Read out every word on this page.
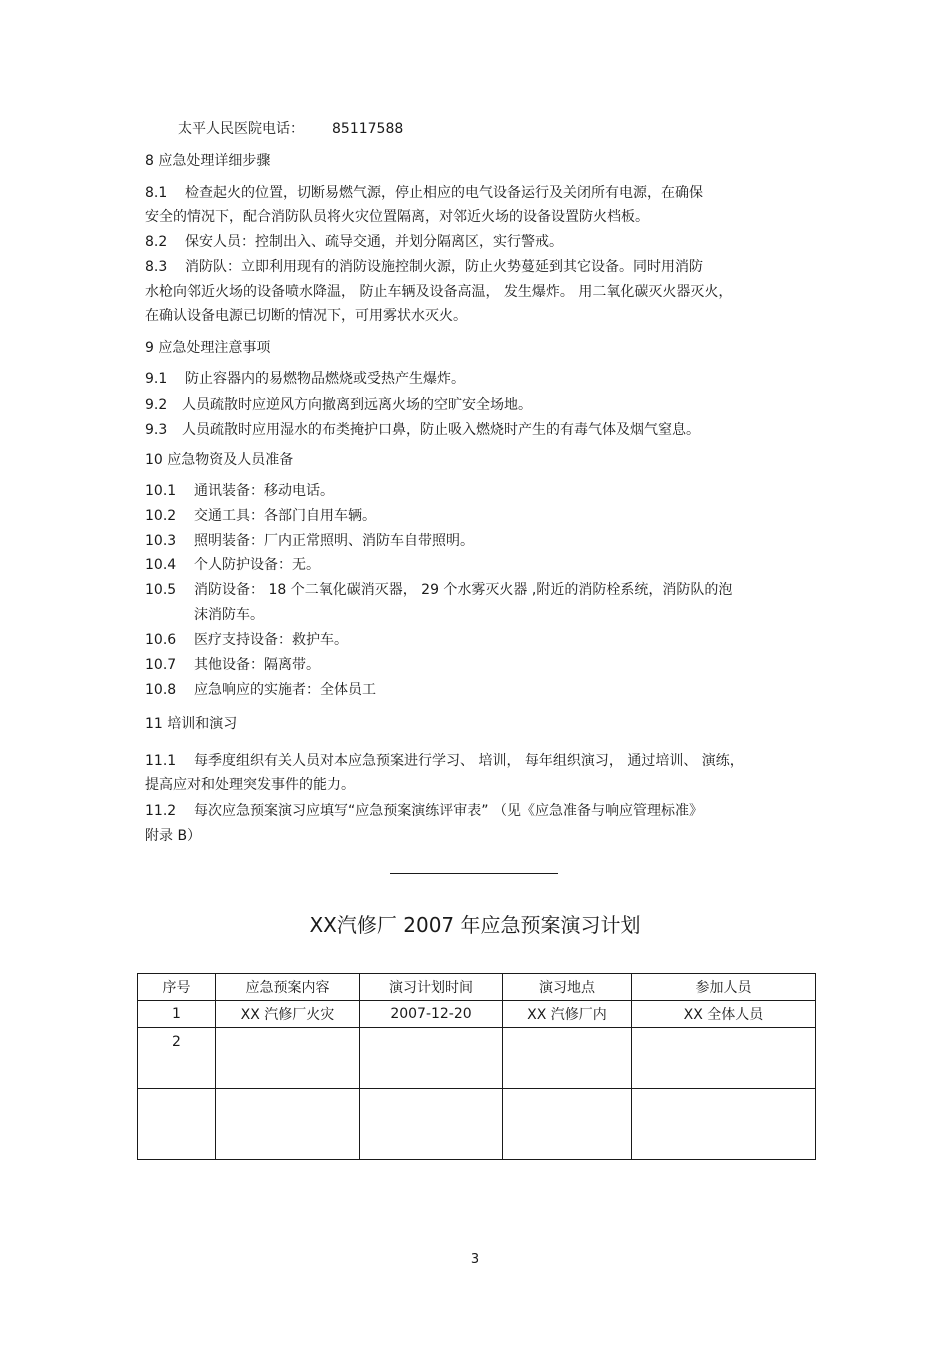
太平人民医院电话： 85117588
8 应急处理详细步骤
8.1 检查起火的位置，切断易燃气源，停止相应的电气设备运行及关闭所有电源，在确保
安全的情况下，配合消防队员将火灾位置隔离，对邻近火场的设备设置防火档板。
8.2 保安人员：控制出入、疏导交通，并划分隔离区，实行警戒。
8.3 消防队：立即利用现有的消防设施控制火源，防止火势蔓延到其它设备。同时用消防
水枪向邻近火场的设备喷水降温， 防止车辆及设备高温， 发生爆炸。 用二氧化碳灭火器灭火，
在确认设备电源已切断的情况下，可用雾状水灭火。
9 应急处理注意事项
9.1 防止容器内的易燃物品燃烧或受热产生爆炸。
9.2 人员疏散时应逆风方向撤离到远离火场的空旷安全场地。
9.3 人员疏散时应用湿水的布类掩护口鼻，防止吸入燃烧时产生的有毒气体及烟气窒息。
10 应急物资及人员准备
10.1 通讯装备：移动电话。
10.2 交通工具：各部门自用车辆。
10.3 照明装备：厂内正常照明、消防车自带照明。
10.4 个人防护设备：无。
10.5 消防设备： 18 个二氧化碳消灭器， 29 个水雾灭火器 ,附近的消防栓系统，消防队的泡
沫消防车。
10.6 医疗支持设备：救护车。
10.7 其他设备：隔离带。
10.8 应急响应的实施者：全体员工
11 培训和演习
11.1 每季度组织有关人员对本应急预案进行学习、 培训， 每年组织演习， 通过培训、 演练，
提高应对和处理突发事件的能力。
11.2 每次应急预案演习应填写“应急预案演练评审表” （见《应急准备与响应管理标准》
附录 B）
XX汽修厂 2007 年应急预案演习计划
序号	应急预案内容	演习计划时间	演习地点	参加人员
1	XX 汽修厂火灾	2007-12-20	XX 汽修厂内	XX 全体人员
2				

3
